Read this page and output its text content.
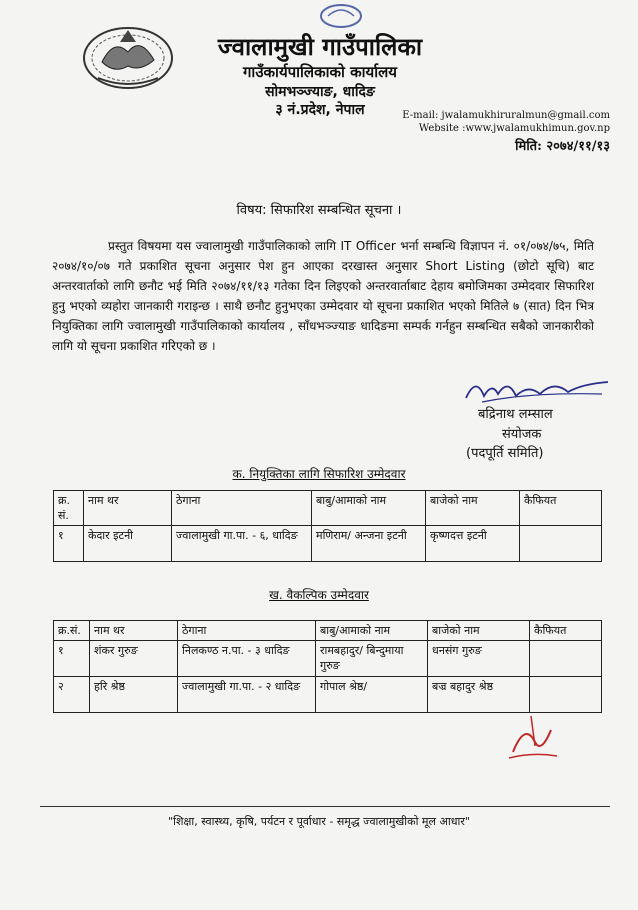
ज्वालामुखी गाउँपालिका
गाउँकार्यपालिकाको कार्यालय
सोमभञ्ज्याङ, धादिङ
३ नं.प्रदेश, नेपाल	E-mail: jwalamukhiruralmun@gmail.com
Website :www.jwalamukhimun.gov.np
मिति: २०७४/११/१३
विषय: सिफारिश सम्बन्धित सूचना ।

प्रस्तुत विषयमा यस ज्वालामुखी गाउँपालिकाको लागि IT Officer भर्ना सम्बन्धि विज्ञापन नं. ०१/०७४/७५, मिति २०७४/१०/०७ गते प्रकाशित सूचना अनुसार पेश हुन आएका दरखास्त अनुसार Short Listing (छोटो सूचि) बाट अन्तरवार्ताको लागि छनौट भई मिति २०७४/११/१३ गतेका दिन लिइएको अन्तरवार्ताबाट देहाय बमोजिमका उम्मेदवार सिफारिश हुनु भएको व्यहोरा जानकारी गराइन्छ । साथै छनौट हुनुभएका उम्मेदवार यो सूचना प्रकाशित भएको मितिले ७ (सात) दिन भित्र नियुक्तिका लागि ज्वालामुखी गाउँपालिकाको कार्यालय , साँधभञ्ज्याङ धादिङमा सम्पर्क गर्नहुन सम्बन्धित सबैको जानकारीको लागि यो सूचना प्रकाशित गरिएको छ ।

बद्रिनाथ लम्साल
संयोजक
(पदपूर्ति समिति)
क. नियुक्तिका लागि सिफारिश उम्मेदवार
क्र. सं.	नाम थर	ठेगाना	बाबु/आमाको नाम	बाजेको नाम	कैफियत
१	केदार इटनी	ज्वालामुखी गा.पा. - ६, धादिङ	मणिराम/ अन्जना इटनी	कृष्णदत्त इटनी	
ख. वैकल्पिक उम्मेदवार
क्र.सं.	नाम थर	ठेगाना	बाबु/आमाको नाम	बाजेको नाम	कैफियत
१	शंकर गुरुङ	निलकण्ठ न.पा. - ३ धादिङ	रामबहादुर/ बिन्दुमाया गुरुङ	धनसंग गुरुङ	
२	हरि श्रेष्ठ	ज्वालामुखी गा.पा. - २ धादिङ	गोपाल श्रेष्ठ/	बज्र बहादुर श्रेष्ठ	
"शिक्षा, स्वास्थ्य, कृषि, पर्यटन र पूर्वाधार - समृद्ध ज्वालामुखीको मूल आधार"
